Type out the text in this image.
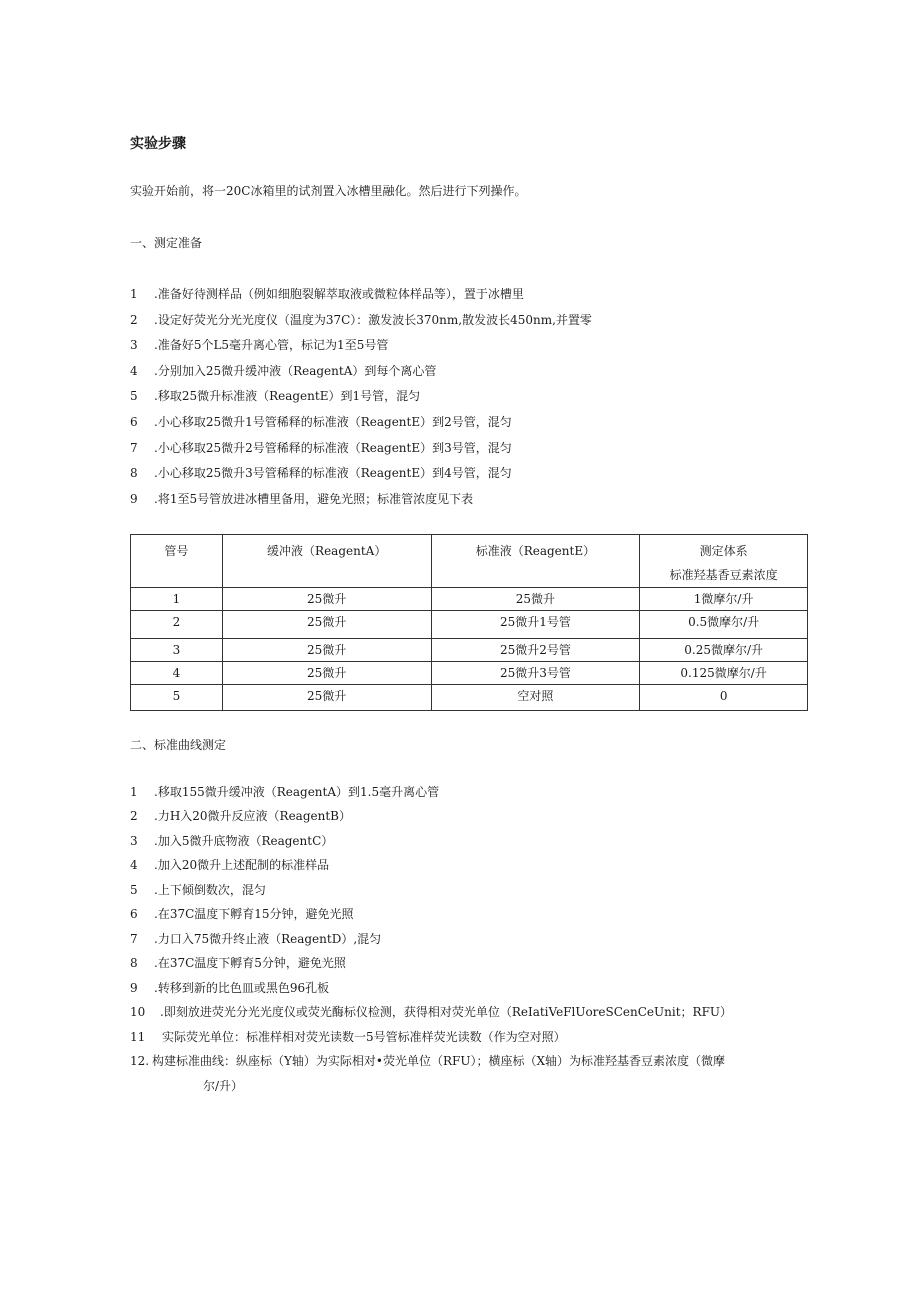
实验步骤
实验开始前，将一20C冰箱里的试剂置入冰槽里融化。然后进行下列操作。
一、测定准备
1 .准备好待测样品（例如细胞裂解萃取液或微粒体样品等），置于冰槽里
2 .设定好荧光分光光度仪（温度为37C）：激发波长370nm,散发波长450nm,并置零
3 .准备好5个L5毫升离心管，标记为1至5号管
4 .分别加入25微升缓冲液（ReagentA）到每个离心管
5 .移取25微升标准液（ReagentE）到1号管，混匀
6 .小心移取25微升1号管稀释的标准液（ReagentE）到2号管，混匀
7 .小心移取25微升2号管稀释的标准液（ReagentE）到3号管，混匀
8 .小心移取25微升3号管稀释的标准液（ReagentE）到4号管，混匀
9 .将1至5号管放进冰槽里备用，避免光照；标准管浓度见下表
管号	缓冲液（ReagentA）	标准液（ReagentE）	测定体系
标准羟基香豆素浓度

1	25微升	25微升	1微摩尔/升
2	25微升	25微升1号管	0.5微摩尔/升
3	25微升	25微升2号管	0.25微摩尔/升
4	25微升	25微升3号管	0.125微摩尔/升
5	25微升	空对照	0
二、标准曲线测定
1 .移取155微升缓冲液（ReagentA）到1.5毫升离心管
2 .力H入20微升反应液（ReagentB）
3 .加入5微升底物液（ReagentC）
4 .加入20微升上述配制的标准样品
5 .上下倾倒数次，混匀
6 .在37C温度下孵育15分钟，避免光照
7 .力口入75微升终止液（ReagentD）,混匀
8 .在37C温度下孵育5分钟，避免光照
9 .转移到新的比色皿或黑色96孔板
10 .即刻放进荧光分光光度仪或荧光酶标仪检测，获得相对荧光单位（ReIatiVeFlUoreSCenCeUnit；RFU）
11 实际荧光单位：标准样相对荧光读数一5号管标准样荧光读数（作为空对照）
12. 构建标准曲线：纵座标（Y轴）为实际相对•荧光单位（RFU）；横座标（X轴）为标准羟基香豆素浓度（微摩
尔/升）
